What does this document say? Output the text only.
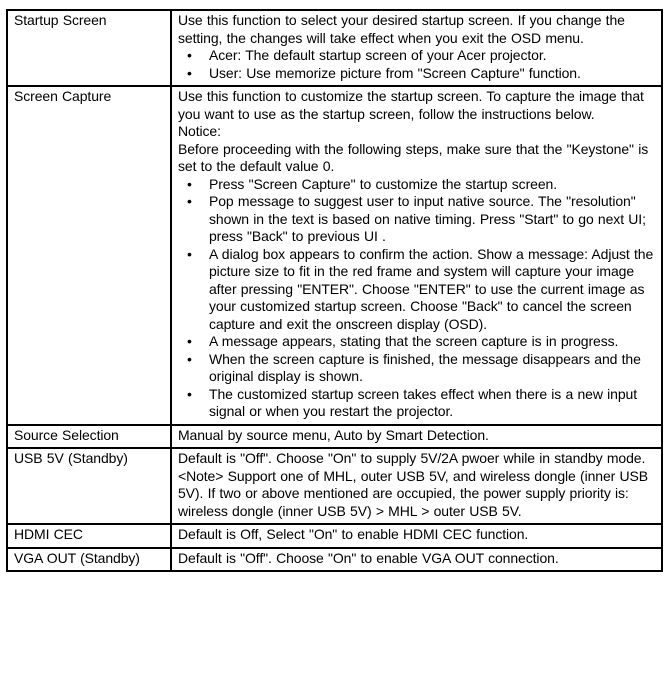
Startup Screen	Use this function to select your desired startup screen. If you change the setting, the changes will take effect when you exit the OSD menu.
• Acer: The default startup screen of your Acer projector.
• User: Use memorize picture from "Screen Capture" function.

Screen Capture	Use this function to customize the startup screen. To capture the image that you want to use as the startup screen, follow the instructions below.
Notice:
Before proceeding with the following steps, make sure that the "Keystone" is set to the default value 0.
• Press "Screen Capture" to customize the startup screen.
• Pop message to suggest user to input native source. The "resolution" shown in the text is based on native timing. Press "Start" to go next UI; press "Back" to previous UI .
• A dialog box appears to confirm the action. Show a message: Adjust the picture size to fit in the red frame and system will capture your image after pressing "ENTER". Choose "ENTER" to use the current image as your customized startup screen. Choose "Back" to cancel the screen capture and exit the onscreen display (OSD).
• A message appears, stating that the screen capture is in progress.
• When the screen capture is finished, the message disappears and the original display is shown.
• The customized startup screen takes effect when there is a new input signal or when you restart the projector.

Source Selection	Manual by source menu, Auto by Smart Detection.

USB 5V (Standby)	Default is "Off". Choose "On" to supply 5V/2A pwoer while in standby mode.
<Note> Support one of MHL, outer USB 5V, and wireless dongle (inner USB 5V). If two or above mentioned are occupied, the power supply priority is: wireless dongle (inner USB 5V) > MHL > outer USB 5V.

HDMI CEC	Default is Off, Select "On" to enable HDMI CEC function.

VGA OUT (Standby)	Default is "Off". Choose "On" to enable VGA OUT connection.
